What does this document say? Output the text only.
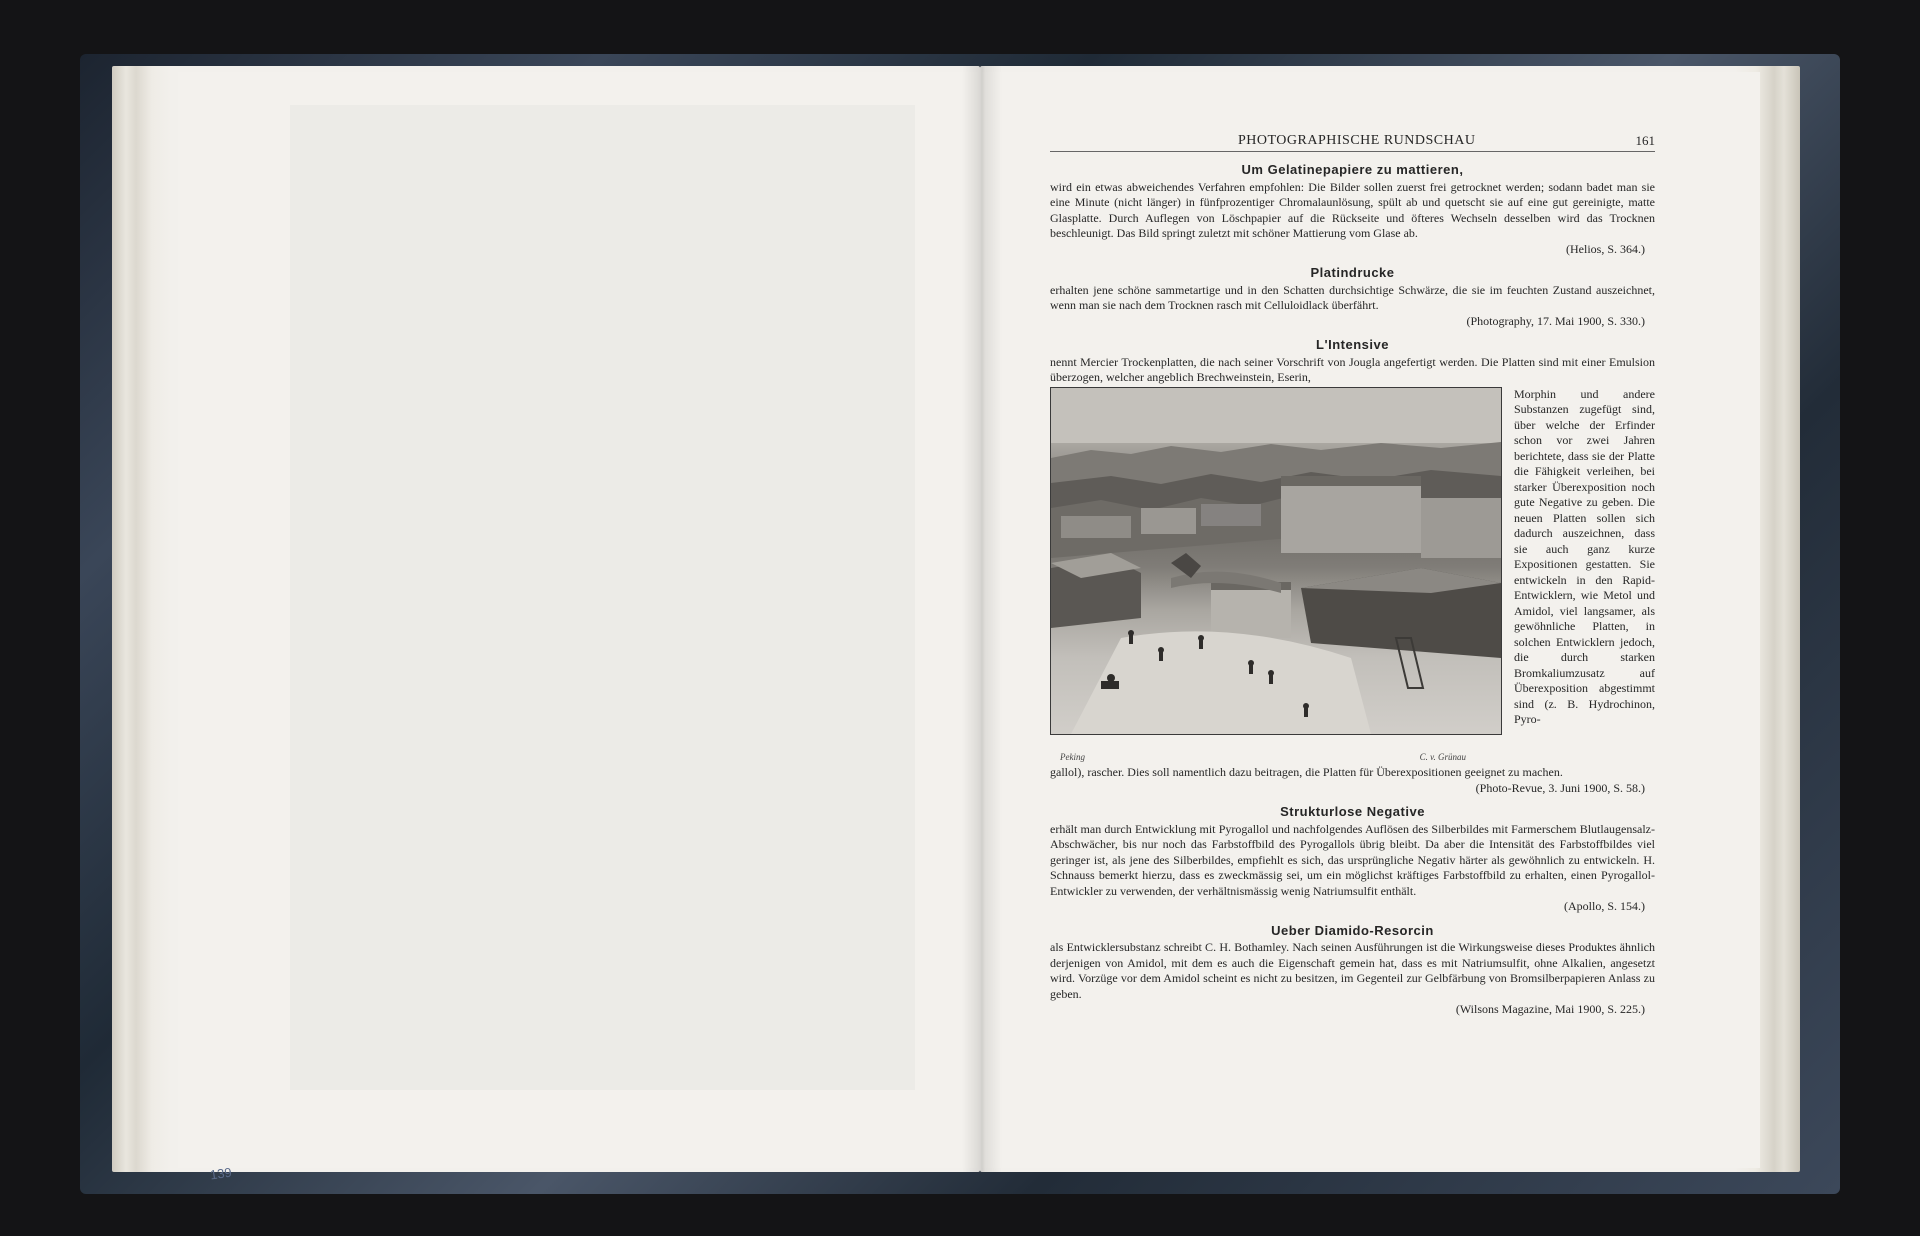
139
PHOTOGRAPHISCHE RUNDSCHAU	161
Um Gelatinepapiere zu mattieren,

wird ein etwas abweichendes Verfahren empfohlen: Die Bilder sollen zuerst frei getrocknet werden; sodann badet man sie eine Minute (nicht länger) in fünfprozentiger Chromalaunlösung, spült ab und quetscht sie auf eine gut gereinigte, matte Glasplatte. Durch Auflegen von Löschpapier auf die Rückseite und öfteres Wechseln desselben wird das Trocknen beschleunigt. Das Bild springt zuletzt mit schöner Mattierung vom Glase ab.

(Helios, S. 364.)
Platindrucke

erhalten jene schöne sammetartige und in den Schatten durchsichtige Schwärze, die sie im feuchten Zustand auszeichnet, wenn man sie nach dem Trocknen rasch mit Celluloidlack überfährt.

(Photography, 17. Mai 1900, S. 330.)
L'Intensive

nennt Mercier Trockenplatten, die nach seiner Vorschrift von Jougla angefertigt werden. Die Platten sind mit einer Emulsion überzogen, welcher angeblich Brechweinstein, Eserin,

Peking	C. v. Grünau
Morphin und andere Substanzen zugefügt sind, über welche der Erfinder schon vor zwei Jahren berichtete, dass sie der Platte die Fähigkeit verleihen, bei starker Überexposition noch gute Negative zu geben. Die neuen Platten sollen sich dadurch auszeichnen, dass sie auch ganz kurze Expositionen gestatten. Sie entwickeln in den Rapid-Entwicklern, wie Metol und Amidol, viel langsamer, als gewöhnliche Platten, in solchen Entwicklern jedoch, die durch starken Bromkaliumzusatz auf Überexposition abgestimmt sind (z. B. Hydrochinon, Pyro-

gallol), rascher. Dies soll namentlich dazu beitragen, die Platten für Überexpositionen geeignet zu machen.

(Photo-Revue, 3. Juni 1900, S. 58.)
Strukturlose Negative

erhält man durch Entwicklung mit Pyrogallol und nachfolgendes Auflösen des Silberbildes mit Farmerschem Blutlaugensalz-Abschwächer, bis nur noch das Farbstoffbild des Pyrogallols übrig bleibt. Da aber die Intensität des Farbstoffbildes viel geringer ist, als jene des Silberbildes, empfiehlt es sich, das ursprüngliche Negativ härter als gewöhnlich zu entwickeln. H. Schnauss bemerkt hierzu, dass es zweckmässig sei, um ein möglichst kräftiges Farbstoffbild zu erhalten, einen Pyrogallol-Entwickler zu verwenden, der verhältnismässig wenig Natriumsulfit enthält.

(Apollo, S. 154.)
Ueber Diamido-Resorcin

als Entwicklersubstanz schreibt C. H. Bothamley. Nach seinen Ausführungen ist die Wirkungsweise dieses Produktes ähnlich derjenigen von Amidol, mit dem es auch die Eigenschaft gemein hat, dass es mit Natriumsulfit, ohne Alkalien, angesetzt wird. Vorzüge vor dem Amidol scheint es nicht zu besitzen, im Gegenteil zur Gelbfärbung von Bromsilberpapieren Anlass zu geben.

(Wilsons Magazine, Mai 1900, S. 225.)
